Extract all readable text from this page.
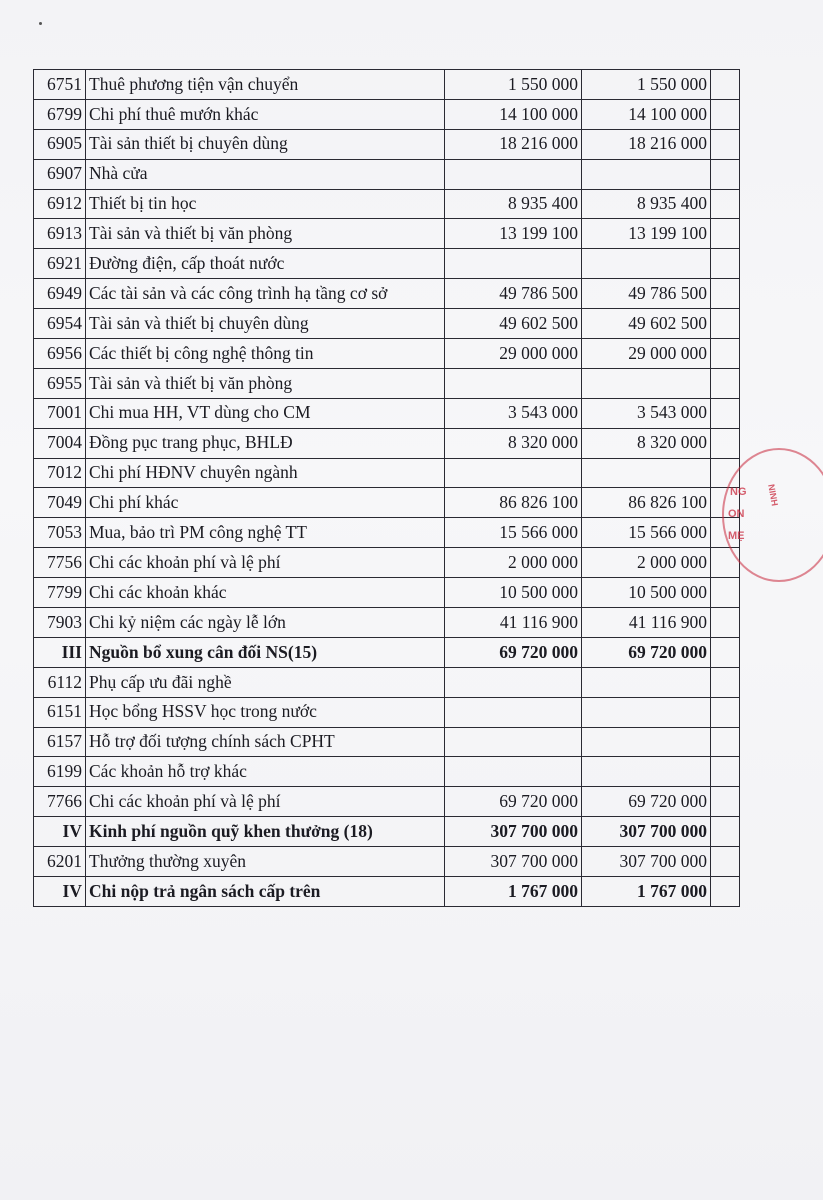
6751	Thuê phương tiện vận chuyển	1 550 000	1 550 000	
6799	Chi phí thuê mướn khác	14 100 000	14 100 000	
6905	Tài sản thiết bị chuyên dùng	18 216 000	18 216 000	
6907	Nhà cửa			
6912	Thiết bị tin học	8 935 400	8 935 400	
6913	Tài sản và thiết bị văn phòng	13 199 100	13 199 100	
6921	Đường điện, cấp thoát nước			
6949	Các tài sản và các công trình hạ tầng cơ sở	49 786 500	49 786 500	
6954	Tài sản và thiết bị chuyên dùng	49 602 500	49 602 500	
6956	Các thiết bị công nghệ thông tin	29 000 000	29 000 000	
6955	Tài sản và thiết bị văn phòng			
7001	Chi mua HH, VT dùng cho CM	3 543 000	3 543 000	
7004	Đồng pục trang phục, BHLĐ	8 320 000	8 320 000	
7012	Chi phí HĐNV chuyên ngành			
7049	Chi phí khác	86 826 100	86 826 100	
7053	Mua, bảo trì PM công nghệ TT	15 566 000	15 566 000	
7756	Chi các khoản phí và lệ phí	2 000 000	2 000 000	
7799	Chi các khoản khác	10 500 000	10 500 000	
7903	Chi kỷ niệm các ngày lễ lớn	41 116 900	41 116 900	
III	Nguồn bổ xung cân đối NS(15)	69 720 000	69 720 000	
6112	Phụ cấp ưu đãi nghề			
6151	Học bổng HSSV học trong nước			
6157	Hỗ trợ đối tượng chính sách CPHT			
6199	Các khoản hỗ trợ khác			
7766	Chi các khoản phí và lệ phí	69 720 000	69 720 000	
IV	Kinh phí nguồn quỹ khen thưởng (18)	307 700 000	307 700 000	
6201	Thưởng thường xuyên	307 700 000	307 700 000	
IV	Chi nộp trả ngân sách cấp trên	1 767 000	1 767 000	
NG
ON
MẸ
NINH
